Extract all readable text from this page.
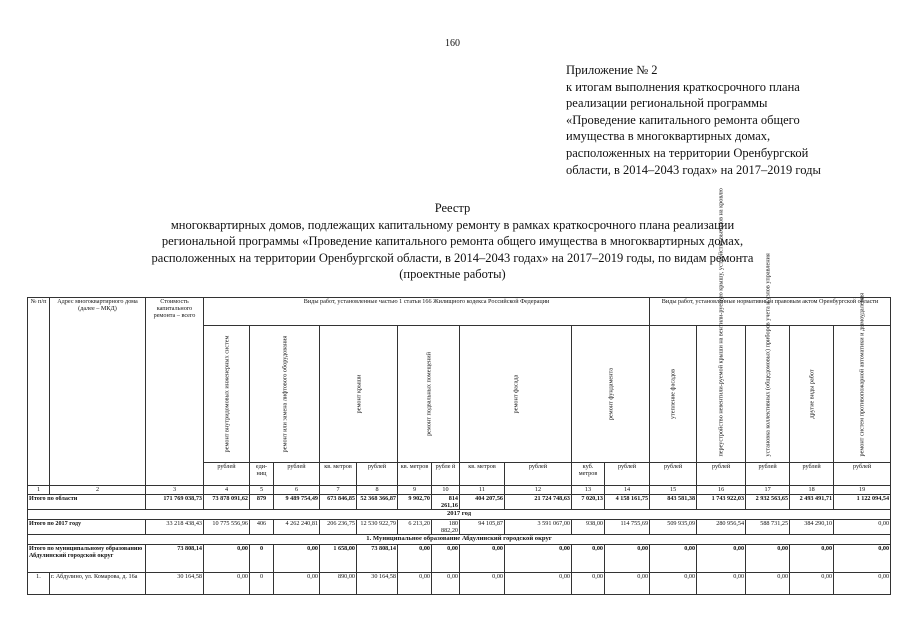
160
Приложение № 2
к итогам выполнения краткосрочного плана
реализации региональной программы
«Проведение капитального ремонта общего
имущества в многоквартирных домах,
расположенных на территории Оренбургской
области, в 2014–2043 годах» на 2017–2019 годы
Реестр
многоквартирных домов, подлежащих капитальному ремонту в рамках краткосрочного плана реализации
региональной программы «Проведение капитального ремонта общего имущества в многоквартирных домах,
расположенных на территории Оренбургской области, в 2014–2043 годах» на 2017–2019 годы, по видам ремонта
(проектные работы)
№ п/п	Адрес многоквартирного дома (далее – МКД)	Стоимость капитального ремонта – всего	Виды работ, установленные частью 1 статьи 166 Жилищного кодекса Российской Федерации											Виды работ, установленные нормативным правовым актом Оренбургской области				

			ремонт внутридомовых инженерных систем	ремонт или замена лифтового оборудования		ремонт крыши		ремонт подвальных помещений		ремонт фасада		ремонт фундамента		утепление фасадов	переустройство невентили-руемой крыши на вентили-руемую крышу, устройство выходов на кровлю	установка коллективных (общедомовых) приборов учета и узлов управления	другие виды работ	ремонт систем противопожарной автоматики и дымоудаления

			рублей	еди-ниц	рублей	кв. метров	рублей	кв. метров	рубле й	кв. метров	рублей	куб. метров	рублей	рублей	рублей	рублей	рублей	рублей
1	2	3	4	5	6	7	8	9	10	11	12	13	14	15	16	17	18	19
Итого по области		171 769 038,73	73 878 091,62	879	9 489 754,49	673 846,85	52 368 366,87	9 902,70	814 261,16	404 207,56	21 724 748,63	7 020,13	4 158 161,75	843 581,38	1 743 922,03	2 932 563,65	2 493 491,71	1 122 094,54
2017 год																		
Итого по 2017 году		33 218 438,43	10 775 556,96	406	4 262 240,81	206 236,75	12 530 922,79	6 213,20	180 882,20	94 105,87	3 591 067,00	938,00	114 755,69	509 935,09	280 956,54	588 731,25	384 290,10	0,00
1. Муниципальное образование Абдулинский городской округ																		
Итого по муниципальному образованию Абдулинский городской округ		73 808,14	0,00	0	0,00	1 658,00	73 808,14	0,00	0,00	0,00	0,00	0,00	0,00	0,00	0,00	0,00	0,00	0,00
1.	г. Абдулино, ул. Комарова, д. 16а	30 164,58	0,00	0	0,00	890,00	30 164,58	0,00	0,00	0,00	0,00	0,00	0,00	0,00	0,00	0,00	0,00	0,00
